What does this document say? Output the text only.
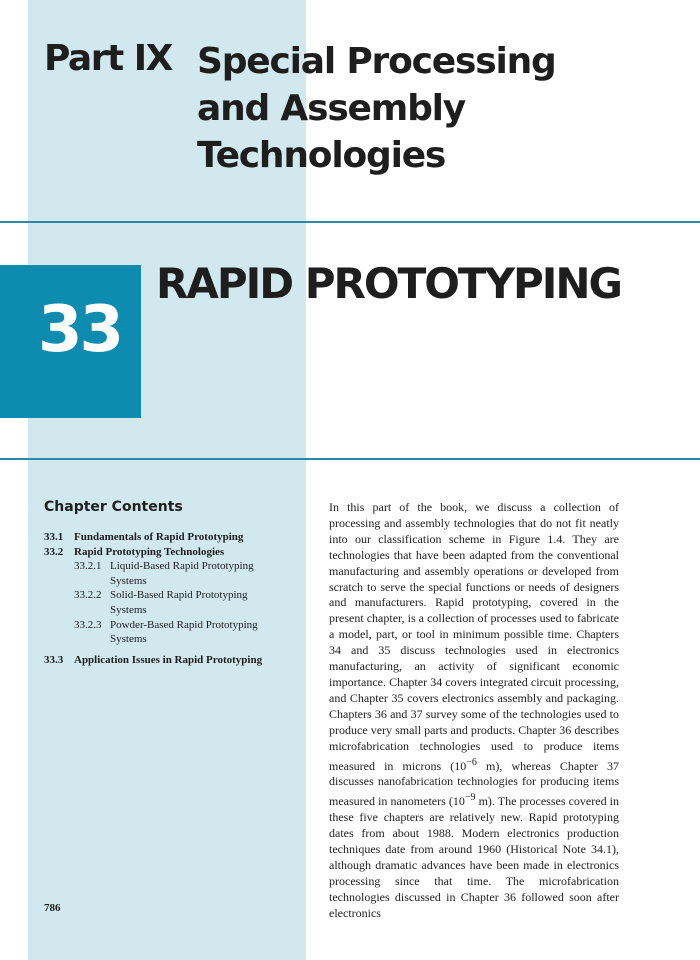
Part IX Special Processing
and Assembly
Technologies
33
RAPID PROTOTYPING
Chapter Contents
33.1 Fundamentals of Rapid Prototyping
33.2 Rapid Prototyping Technologies
33.2.1 Liquid-Based Rapid Prototyping
Systems
33.2.2 Solid-Based Rapid Prototyping
Systems
33.2.3 Powder-Based Rapid Prototyping
Systems
33.3 Application Issues in Rapid Prototyping

In this part of the book, we discuss a collection of processing and assembly technologies that do not fit neatly into our classification scheme in Figure 1.4. They are technologies that have been adapted from the conventional manufacturing and assembly operations or developed from scratch to serve the special functions or needs of designers and manufacturers. Rapid prototyping, covered in the present chapter, is a collection of processes used to fabricate a model, part, or tool in minimum possible time. Chapters 34 and 35 discuss technologies used in electronics manufacturing, an activity of significant economic importance. Chapter 34 covers integrated circuit processing, and Chapter 35 covers electronics assembly and packaging. Chapters 36 and 37 survey some of the technologies used to produce very small parts and products. Chapter 36 describes microfabrication technologies used to produce items measured in microns ($10^{-6}$ m), whereas Chapter 37 discusses nanofabrication technologies for producing items measured in nanometers ($10^{-9}$ m). The processes covered in these five chapters are relatively new. Rapid prototyping dates from about 1988. Modern electronics production techniques date from around 1960 (Historical Note 34.1), although dramatic advances have been made in electronics processing since that time. The microfabrication technologies discussed in Chapter 36 followed soon after electronics

786
